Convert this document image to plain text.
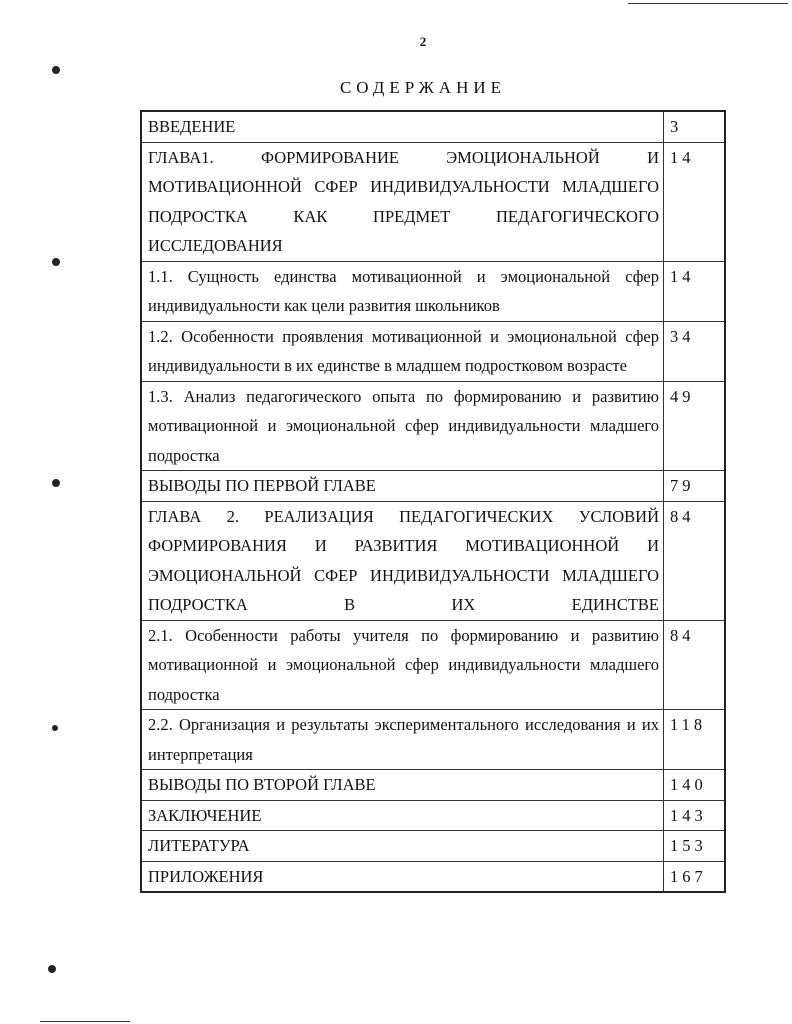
2
СОДЕРЖАНИЕ
ВВЕДЕНИЕ	3
ГЛАВА1. ФОРМИРОВАНИЕ ЭМОЦИОНАЛЬНОЙ И МОТИВАЦИОННОЙ СФЕР ИНДИВИДУАЛЬНОСТИ МЛАДШЕГО ПОДРОСТКА КАК ПРЕДМЕТ ПЕДАГОГИЧЕСКОГО ИССЛЕДОВАНИЯ	14
1.1. Сущность единства мотивационной и эмоциональной сфер индивидуальности как цели развития школьников	14
1.2. Особенности проявления мотивационной и эмоциональной сфер индивидуальности в их единстве в младшем подростковом возрасте	34
1.3. Анализ педагогического опыта по формированию и развитию мотивационной и эмоциональной сфер индивидуальности младшего подростка	49
ВЫВОДЫ ПО ПЕРВОЙ ГЛАВЕ	79
ГЛАВА 2. РЕАЛИЗАЦИЯ ПЕДАГОГИЧЕСКИХ УСЛОВИЙ ФОРМИРОВАНИЯ И РАЗВИТИЯ МОТИВАЦИОННОЙ И ЭМОЦИОНАЛЬНОЙ СФЕР ИНДИВИДУАЛЬНОСТИ МЛАДШЕГО ПОДРОСТКА В ИХ ЕДИНСТВЕ	84
2.1. Особенности работы учителя по формированию и развитию мотивационной и эмоциональной сфер индивидуальности младшего подростка	84
2.2. Организация и результаты экспериментального исследования и их интерпретация	118
ВЫВОДЫ ПО ВТОРОЙ ГЛАВЕ	140
ЗАКЛЮЧЕНИЕ	143
ЛИТЕРАТУРА	153
ПРИЛОЖЕНИЯ	167
